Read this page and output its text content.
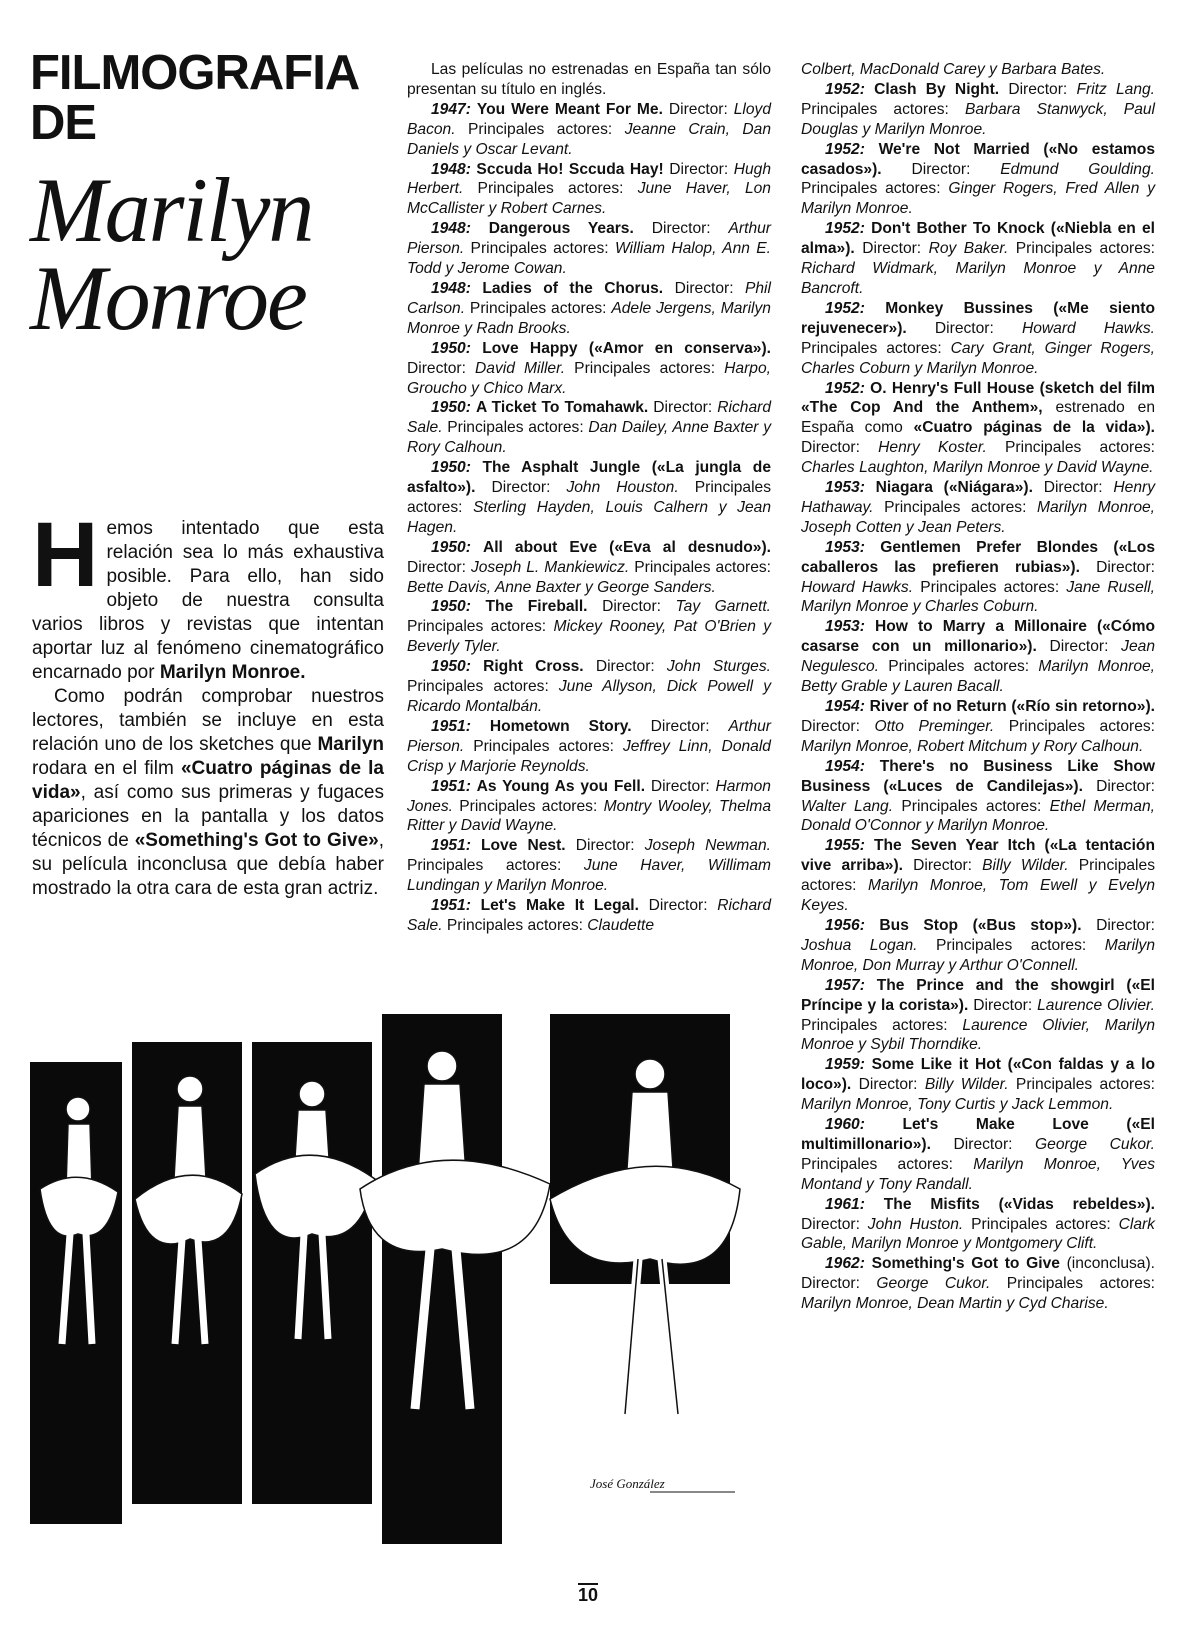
FILMOGRAFIA
DE
Marilyn
Monroe

Hemos intentado que esta relación sea lo más exhaustiva posible. Para ello, han sido objeto de nuestra consulta varios libros y revistas que intentan aportar luz al fenómeno cinematográfico encarnado por Marilyn Monroe.

Como podrán comprobar nuestros lectores, también se incluye en esta relación uno de los sketches que Marilyn rodara en el film «Cuatro páginas de la vida», así como sus primeras y fugaces apariciones en la pantalla y los datos técnicos de «Something's Got to Give», su película inconclusa que debía haber mostrado la otra cara de esta gran actriz.

Las películas no estrenadas en España tan sólo presentan su título en inglés.

1947: You Were Meant For Me. Director: Lloyd Bacon. Principales actores: Jeanne Crain, Dan Daniels y Oscar Levant.

1948: Sccuda Ho! Sccuda Hay! Director: Hugh Herbert. Principales actores: June Haver, Lon McCallister y Robert Carnes.

1948: Dangerous Years. Director: Arthur Pierson. Principales actores: William Halop, Ann E. Todd y Jerome Cowan.

1948: Ladies of the Chorus. Director: Phil Carlson. Principales actores: Adele Jergens, Marilyn Monroe y Radn Brooks.

1950: Love Happy («Amor en conserva»). Director: David Miller. Principales actores: Harpo, Groucho y Chico Marx.

1950: A Ticket To Tomahawk. Director: Richard Sale. Principales actores: Dan Dailey, Anne Baxter y Rory Calhoun.

1950: The Asphalt Jungle («La jungla de asfalto»). Director: John Houston. Principales actores: Sterling Hayden, Louis Calhern y Jean Hagen.

1950: All about Eve («Eva al desnudo»). Director: Joseph L. Mankiewicz. Principales actores: Bette Davis, Anne Baxter y George Sanders.

1950: The Fireball. Director: Tay Garnett. Principales actores: Mickey Rooney, Pat O'Brien y Beverly Tyler.

1950: Right Cross. Director: John Sturges. Principales actores: June Allyson, Dick Powell y Ricardo Montalbán.

1951: Hometown Story. Director: Arthur Pierson. Principales actores: Jeffrey Linn, Donald Crisp y Marjorie Reynolds.

1951: As Young As you Fell. Director: Harmon Jones. Principales actores: Montry Wooley, Thelma Ritter y David Wayne.

1951: Love Nest. Director: Joseph Newman. Principales actores: June Haver, Willimam Lundingan y Marilyn Monroe.

1951: Let's Make It Legal. Director: Richard Sale. Principales actores: Claudette

Colbert, MacDonald Carey y Barbara Bates.

1952: Clash By Night. Director: Fritz Lang. Principales actores: Barbara Stanwyck, Paul Douglas y Marilyn Monroe.

1952: We're Not Married («No estamos casados»). Director: Edmund Goulding. Principales actores: Ginger Rogers, Fred Allen y Marilyn Monroe.

1952: Don't Bother To Knock («Niebla en el alma»). Director: Roy Baker. Principales actores: Richard Widmark, Marilyn Monroe y Anne Bancroft.

1952: Monkey Bussines («Me siento rejuvenecer»). Director: Howard Hawks. Principales actores: Cary Grant, Ginger Rogers, Charles Coburn y Marilyn Monroe.

1952: O. Henry's Full House (sketch del film «The Cop And the Anthem», estrenado en España como «Cuatro páginas de la vida»). Director: Henry Koster. Principales actores: Charles Laughton, Marilyn Monroe y David Wayne.

1953: Niagara («Niágara»). Director: Henry Hathaway. Principales actores: Marilyn Monroe, Joseph Cotten y Jean Peters.

1953: Gentlemen Prefer Blondes («Los caballeros las prefieren rubias»). Director: Howard Hawks. Principales actores: Jane Rusell, Marilyn Monroe y Charles Coburn.

1953: How to Marry a Millonaire («Cómo casarse con un millonario»). Director: Jean Negulesco. Principales actores: Marilyn Monroe, Betty Grable y Lauren Bacall.

1954: River of no Return («Río sin retorno»). Director: Otto Preminger. Principales actores: Marilyn Monroe, Robert Mitchum y Rory Calhoun.

1954: There's no Business Like Show Business («Luces de Candilejas»). Director: Walter Lang. Principales actores: Ethel Merman, Donald O'Connor y Marilyn Monroe.

1955: The Seven Year Itch («La tentación vive arriba»). Director: Billy Wilder. Principales actores: Marilyn Monroe, Tom Ewell y Evelyn Keyes.

1956: Bus Stop («Bus stop»). Director: Joshua Logan. Principales actores: Marilyn Monroe, Don Murray y Arthur O'Connell.

1957: The Prince and the showgirl («El Príncipe y la corista»). Director: Laurence Olivier. Principales actores: Laurence Olivier, Marilyn Monroe y Sybil Thorndike.

1959: Some Like it Hot («Con faldas y a lo loco»). Director: Billy Wilder. Principales actores: Marilyn Monroe, Tony Curtis y Jack Lemmon.

1960: Let's Make Love («El multimillonario»). Director: George Cukor. Principales actores: Marilyn Monroe, Yves Montand y Tony Randall.

1961: The Misfits («Vidas rebeldes»). Director: John Huston. Principales actores: Clark Gable, Marilyn Monroe y Montgomery Clift.

1962: Something's Got to Give (inconclusa). Director: George Cukor. Principales actores: Marilyn Monroe, Dean Martin y Cyd Charise.

José González
10
